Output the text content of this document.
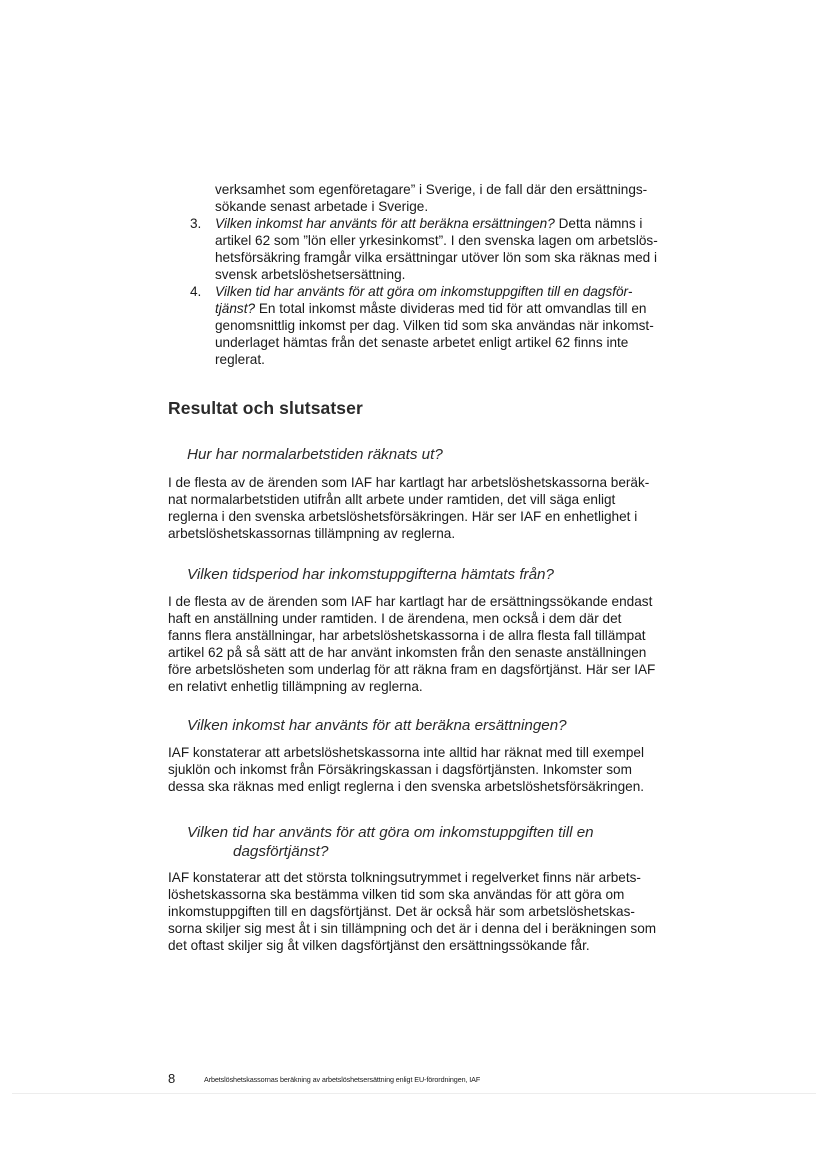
verksamhet som egenföretagare” i Sverige, i de fall där den ersättnings-
sökande senast arbetade i Sverige.
3. Vilken inkomst har använts för att beräkna ersättningen? Detta nämns i
artikel 62 som ”lön eller yrkesinkomst”. I den svenska lagen om arbetslös-
hetsförsäkring framgår vilka ersättningar utöver lön som ska räknas med i
svensk arbetslöshetsersättning.
4. Vilken tid har använts för att göra om inkomstuppgiften till en dagsför-
tjänst? En total inkomst måste divideras med tid för att omvandlas till en
genomsnittlig inkomst per dag. Vilken tid som ska användas när inkomst-
underlaget hämtas från det senaste arbetet enligt artikel 62 finns inte
reglerat.
Resultat och slutsatser
Hur har normalarbetstiden räknats ut?

I de flesta av de ärenden som IAF har kartlagt har arbetslöshetskassorna beräk-
nat normalarbetstiden utifrån allt arbete under ramtiden, det vill säga enligt
reglerna i den svenska arbetslöshetsförsäkringen. Här ser IAF en enhetlighet i
arbetslöshetskassornas tillämpning av reglerna.

Vilken tidsperiod har inkomstuppgifterna hämtats från?

I de flesta av de ärenden som IAF har kartlagt har de ersättningssökande endast
haft en anställning under ramtiden. I de ärendena, men också i dem där det
fanns flera anställningar, har arbetslöshetskassorna i de allra flesta fall tillämpat
artikel 62 på så sätt att de har använt inkomsten från den senaste anställningen
före arbetslösheten som underlag för att räkna fram en dagsförtjänst. Här ser IAF
en relativt enhetlig tillämpning av reglerna.

Vilken inkomst har använts för att beräkna ersättningen?

IAF konstaterar att arbetslöshetskassorna inte alltid har räknat med till exempel
sjuklön och inkomst från Försäkringskassan i dagsförtjänsten. Inkomster som
dessa ska räknas med enligt reglerna i den svenska arbetslöshetsförsäkringen.

Vilken tid har använts för att göra om inkomstuppgiften till en
dagsförtjänst?

IAF konstaterar att det största tolkningsutrymmet i regelverket finns när arbets-
löshetskassorna ska bestämma vilken tid som ska användas för att göra om
inkomstuppgiften till en dagsförtjänst. Det är också här som arbetslöshetskas-
sorna skiljer sig mest åt i sin tillämpning och det är i denna del i beräkningen som
det oftast skiljer sig åt vilken dagsförtjänst den ersättningssökande får.

8	Arbetslöshetskassornas beräkning av arbetslöshetsersättning enligt EU-förordningen, IAF
